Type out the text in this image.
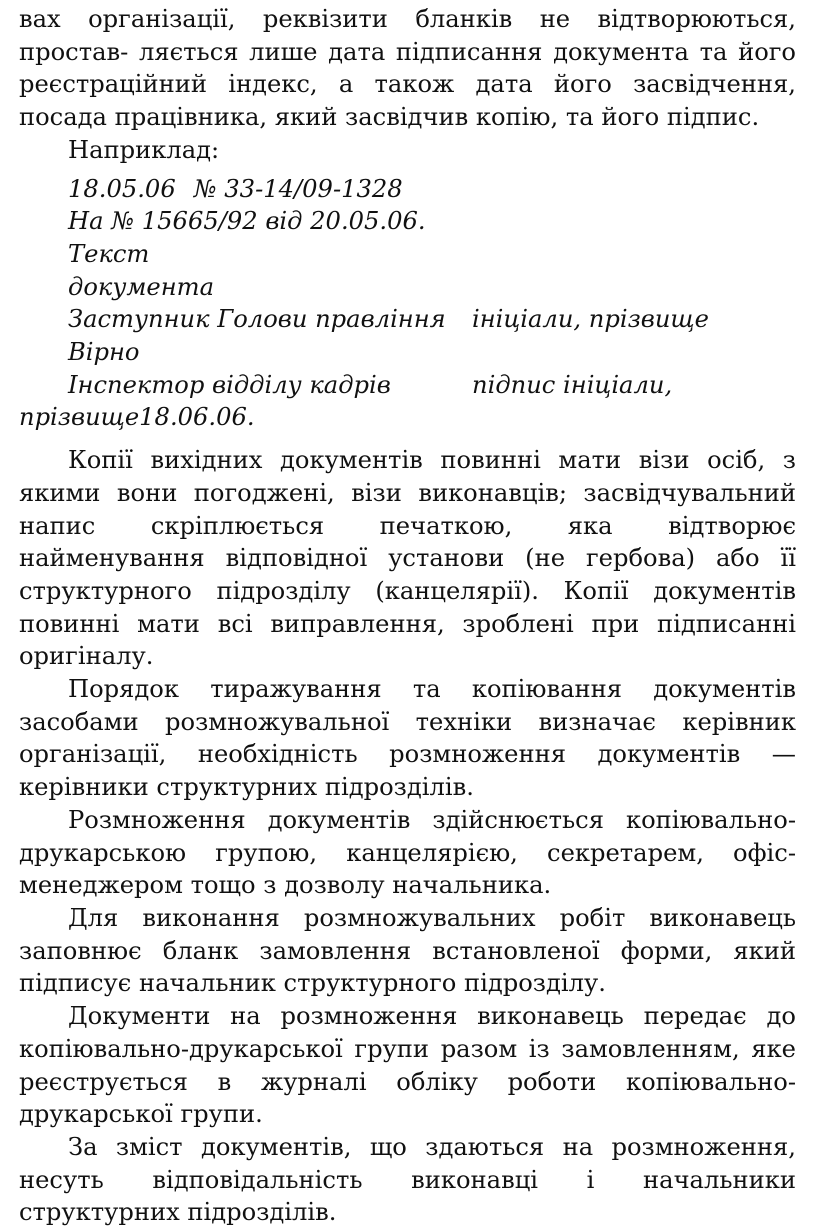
вах організації, реквізити бланків не відтворюються, простав- ляється лише дата підписання документа та його реєстраційний індекс, а також дата його засвідчення, посада працівника, який засвідчив копію, та його підпис.

Наприклад:

18.05.06 № 33-14/09-1328
На № 15665/92 від 20.05.06.
Текст
документа
Заступник Голови правління	ініціали, прізвище
Вірно
Інспектор відділу кадрів	підпис ініціали,
прізвище18.06.06.

Копії вихідних документів повинні мати візи осіб, з якими вони погоджені, візи виконавців; засвідчувальний напис скріплюється печаткою, яка відтворює найменування відповідної установи (не гербова) або її структурного підрозділу (канцелярії). Копії документів повинні мати всі виправлення, зроблені при підписанні оригіналу.

Порядок тиражування та копіювання документів засобами розмножувальної техніки визначає керівник організації, необхідність розмноження документів — керівники структурних підрозділів.

Розмноження документів здійснюється копіювально-друкарською групою, канцелярією, секретарем, офіс-менеджером тощо з дозволу начальника.

Для виконання розмножувальних робіт виконавець заповнює бланк замовлення встановленої форми, який підписує начальник структурного підрозділу.

Документи на розмноження виконавець передає до копіювально-друкарської групи разом із замовленням, яке реєструється в журналі обліку роботи копіювально-друкарської групи.

За зміст документів, що здаються на розмноження, несуть відповідальність виконавці і начальники структурних підрозділів.
